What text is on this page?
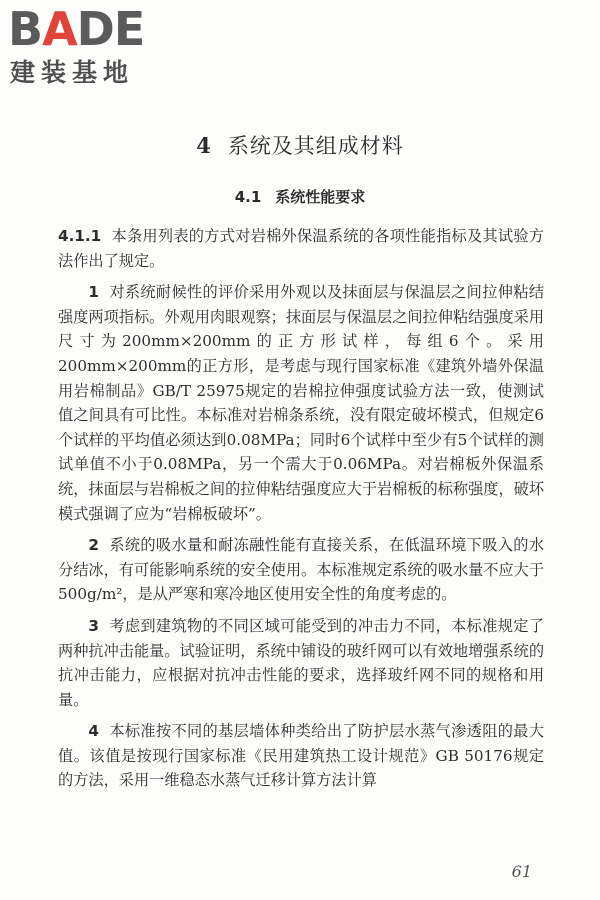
BADE
建装基地
4 系统及其组成材料
4.1 系统性能要求

4.1.1 本条用列表的方式对岩棉外保温系统的各项性能指标及其试验方法作出了规定。

1 对系统耐候性的评价采用外观以及抹面层与保温层之间拉伸粘结强度两项指标。外观用肉眼观察；抹面层与保温层之间拉伸粘结强度采用尺寸为200mm×200mm的正方形试样，每组6个。采用200mm×200mm的正方形，是考虑与现行国家标准《建筑外墙外保温用岩棉制品》GB/T 25975规定的岩棉拉伸强度试验方法一致，使测试值之间具有可比性。本标准对岩棉条系统，没有限定破坏模式，但规定6个试样的平均值必须达到0.08MPa；同时6个试样中至少有5个试样的测试单值不小于0.08MPa，另一个需大于0.06MPa。对岩棉板外保温系统，抹面层与岩棉板之间的拉伸粘结强度应大于岩棉板的标称强度，破坏模式强调了应为“岩棉板破坏”。

2 系统的吸水量和耐冻融性能有直接关系，在低温环境下吸入的水分结冰，有可能影响系统的安全使用。本标准规定系统的吸水量不应大于500g/m²，是从严寒和寒冷地区使用安全性的角度考虑的。

3 考虑到建筑物的不同区域可能受到的冲击力不同，本标准规定了两种抗冲击能量。试验证明，系统中铺设的玻纤网可以有效地增强系统的抗冲击能力，应根据对抗冲击性能的要求，选择玻纤网不同的规格和用量。

4 本标准按不同的基层墙体种类给出了防护层水蒸气渗透阻的最大值。该值是按现行国家标准《民用建筑热工设计规范》GB 50176规定的方法，采用一维稳态水蒸气迁移计算方法计算

61
